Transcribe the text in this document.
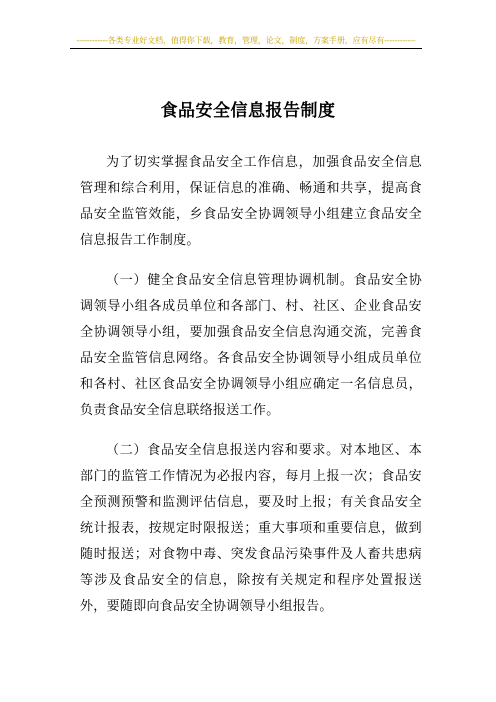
------------各类专业好文档，值得你下载，教育，管理，论文，制度，方案手册，应有尽有------------
食品安全信息报告制度

为了切实掌握食品安全工作信息，加强食品安全信息管理和综合利用，保证信息的准确、畅通和共享，提高食品安全监管效能，乡食品安全协调领导小组建立食品安全信息报告工作制度。

（一）健全食品安全信息管理协调机制。食品安全协调领导小组各成员单位和各部门、村、社区、企业食品安全协调领导小组，要加强食品安全信息沟通交流，完善食品安全监管信息网络。各食品安全协调领导小组成员单位和各村、社区食品安全协调领导小组应确定一名信息员，负责食品安全信息联络报送工作。

（二）食品安全信息报送内容和要求。对本地区、本部门的监管工作情况为必报内容，每月上报一次；食品安全预测预警和监测评估信息，要及时上报；有关食品安全统计报表，按规定时限报送；重大事项和重要信息，做到随时报送；对食物中毒、突发食品污染事件及人畜共患病等涉及食品安全的信息，除按有关规定和程序处置报送外，要随即向食品安全协调领导小组报告。
